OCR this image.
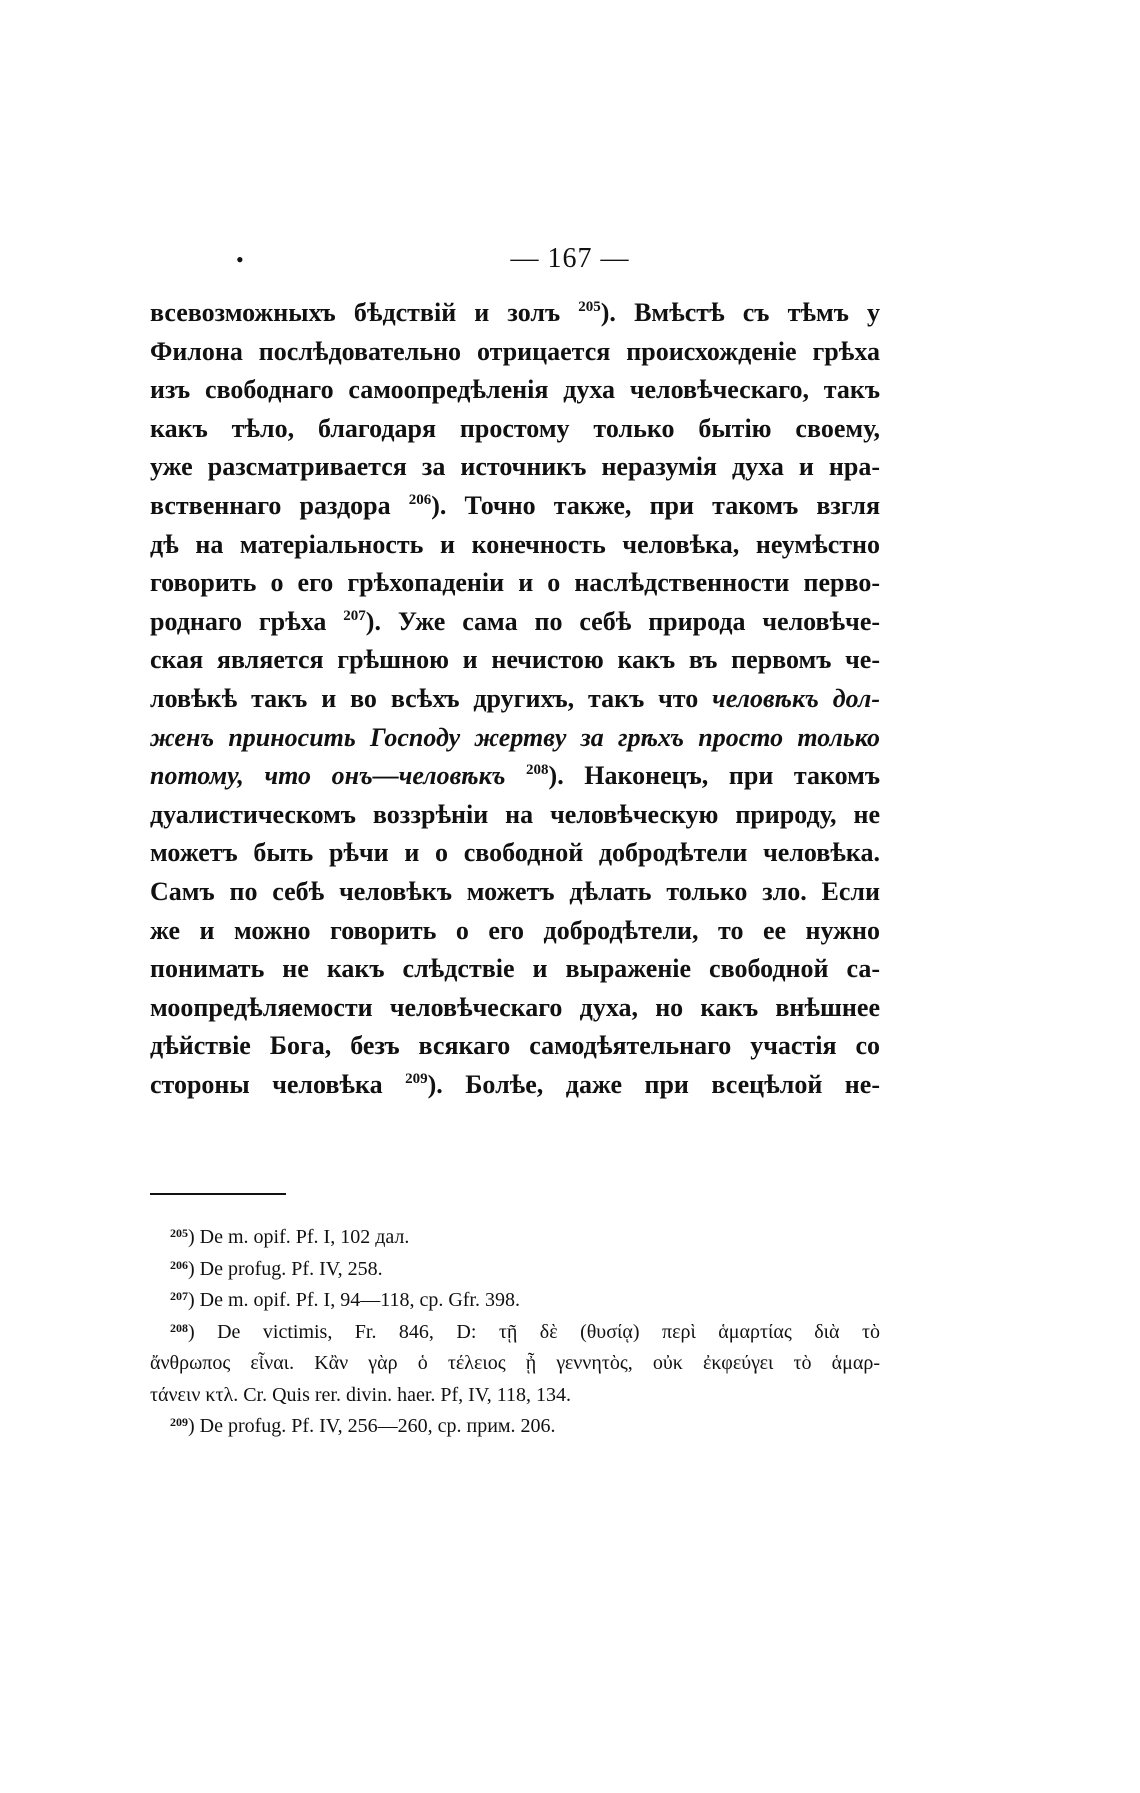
•	— 167 —
всевозможныхъ бѣдствій и золъ $^{205}$). Вмѣстѣ съ тѣмъ у
Филона послѣдовательно отрицается происхожденіе грѣха
изъ свободнаго самоопредѣленія духа человѣческаго, такъ
какъ тѣло, благодаря простому только бытію своему,
уже разсматривается за источникъ неразумія духа и нра-
вственнаго раздора $^{206}$). Точно также, при такомъ взгля
дѣ на матеріальность и конечность человѣка, неумѣстно
говорить о его грѣхопаденіи и о наслѣдственности перво-
роднаго грѣха $^{207}$). Уже сама по себѣ природа человѣче-
ская является грѣшною и нечистою какъ въ первомъ че-
ловѣкѣ такъ и во всѣхъ другихъ, такъ что человѣкъ дол-
женъ приносить Господу жертву за грѣхъ просто только
потому, что онъ—человѣкъ $^{208}$). Наконецъ, при такомъ
дуалистическомъ воззрѣніи на человѣческую природу, не
можетъ быть рѣчи и о свободной добродѣтели человѣка.
Самъ по себѣ человѣкъ можетъ дѣлать только зло. Если
же и можно говорить о его добродѣтели, то ее нужно
понимать не какъ слѣдствіе и выраженіе свободной са-
моопредѣляемости человѣческаго духа, но какъ внѣшнее
дѣйствіе Бога, безъ всякаго самодѣятельнаго участія со
стороны человѣка $^{209}$). Болѣе, даже при всецѣлой не-
$^{205}$) De m. opif. Pf. I, 102 дал.
$^{206}$) De profug. Pf. IV, 258.
$^{207}$) De m. opif. Pf. I, 94—118, ср. Gfr. 398.
$^{208}$) De victimis, Fr. 846, D: τῇ δὲ (θυσίᾳ) περὶ ἁμαρτίας διὰ τὸ
ἄνθρωπος εἶναι. Κἂν γὰρ ὁ τέλειος ᾖ γεννητὸς, οὐκ ἐκφεύγει τὸ ἁμαρ-
τάνειν κτλ. Cr. Quis rer. divin. haer. Pf, IV, 118, 134.
$^{209}$) De profug. Pf. IV, 256—260, ср. прим. 206.
